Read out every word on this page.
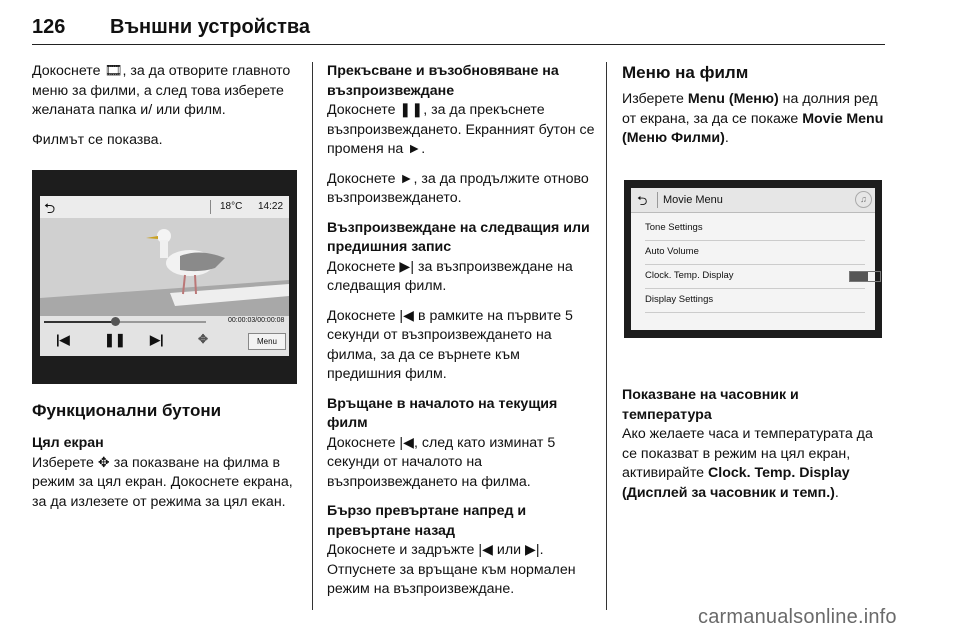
126 Външни устройства

Докоснете 🎞, за да отворите главното меню за филми, а след това изберете желаната папка и/ или филм.

Филмът се показва.

⮌	18°C 14:22
00:00:03/00:00:08
|◀	❚❚ ▶|	✥	Menu
Функционални бутони
Цял екран

Изберете ✥ за показване на филма в режим за цял екран. Докоснете екрана, за да излезете от режима за цял екан.

Прекъсване и възобновяване на възпроизвеждане

Докоснете ❚❚, за да прекъснете възпроизвеждането. Екранният бутон се променя на ►.

Докоснете ►, за да продължите отново възпроизвеждането.

Възпроизвеждане на следващия или предишния запис

Докоснете ▶| за възпроизвеждане на следващия филм.

Докоснете |◀ в рамките на първите 5 секунди от възпроизвеждането на филма, за да се върнете към предишния филм.

Връщане в началото на текущия филм

Докоснете |◀, след като изминат 5 секунди от началото на възпроизвеждането на филма.

Бързо превъртане напред и превъртане назад

Докоснете и задръжте |◀ или ▶|. Отпуснете за връщане към нормален режим на възпроизвеждане.

Меню на филм

Изберете Menu (Меню) на долния ред от екрана, за да се покаже Movie Menu (Меню Филми).

⮌ Movie Menu	♫
Tone Settings
Auto Volume
Clock. Temp. Display
Display Settings
Показване на часовник и температура

Ако желаете часа и температурата да се показват в режим на цял екран, активирайте Clock. Temp. Display (Дисплей за часовник и темп.).

carmanualsonline.info
